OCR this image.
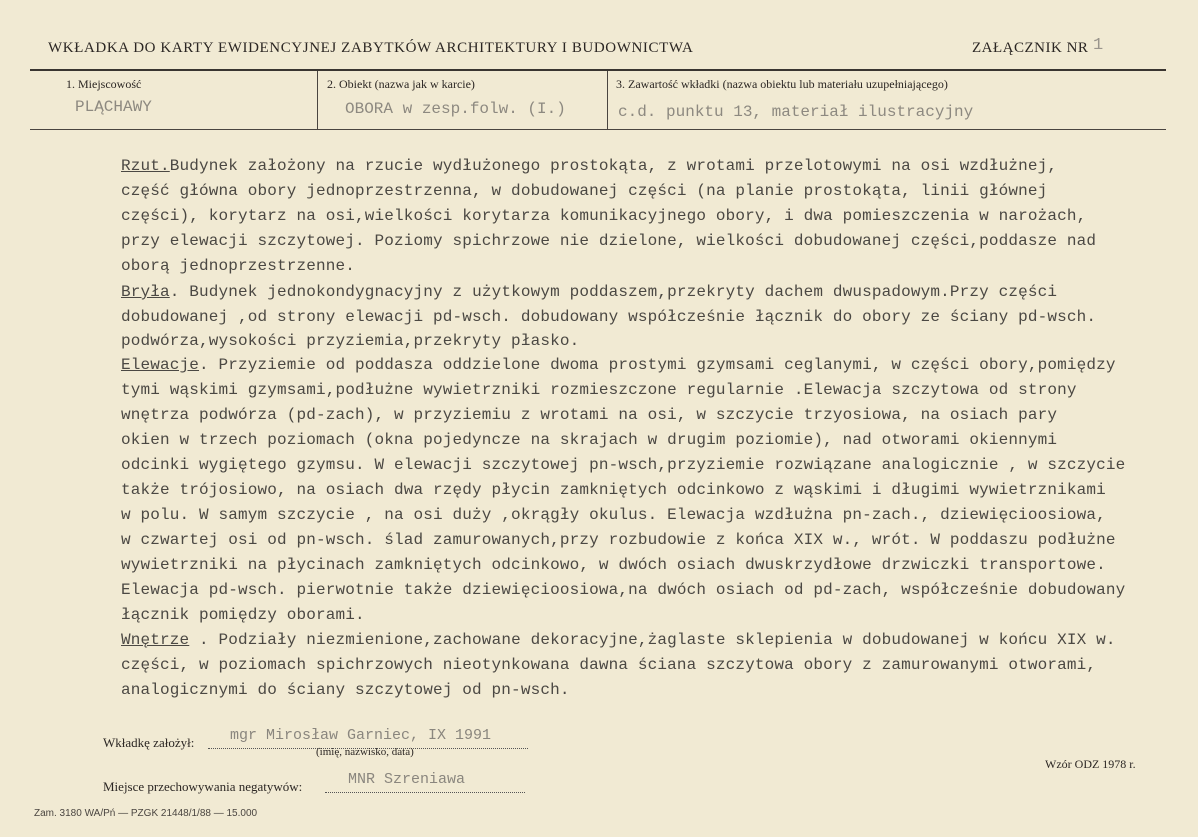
WKŁADKA DO KARTY EWIDENCYJNEJ ZABYTKÓW ARCHITEKTURY I BUDOWNICTWA	ZAŁĄCZNIK NR 1
1. Miejscowość
PLĄCHAWY
2. Obiekt (nazwa jak w karcie)
OBORA w zesp.folw. (I.)
3. Zawartość wkładki (nazwa obiektu lub materiału uzupełniającego)
c.d. punktu 13, materiał ilustracyjny
Rzut.Budynek założony na rzucie wydłużonego prostokąta, z wrotami przelotowymi na osi wzdłużnej,
część główna obory jednoprzestrzenna, w dobudowanej części (na planie prostokąta, linii głównej
części), korytarz na osi,wielkości korytarza komunikacyjnego obory, i dwa pomieszczenia w narożach,
przy elewacji szczytowej. Poziomy spichrzowe nie dzielone, wielkości dobudowanej części,poddasze nad
oborą jednoprzestrzenne.
Bryła. Budynek jednokondygnacyjny z użytkowym poddaszem,przekryty dachem dwuspadowym.Przy części
dobudowanej ,od strony elewacji pd-wsch. dobudowany współcześnie łącznik do obory ze ściany pd-wsch.
podwórza,wysokości przyziemia,przekryty płasko.
Elewacje. Przyziemie od poddasza oddzielone dwoma prostymi gzymsami ceglanymi, w części obory,pomiędzy
tymi wąskimi gzymsami,podłużne wywietrzniki rozmieszczone regularnie .Elewacja szczytowa od strony
wnętrza podwórza (pd-zach), w przyziemiu z wrotami na osi, w szczycie trzyosiowa, na osiach pary
okien w trzech poziomach (okna pojedyncze na skrajach w drugim poziomie), nad otworami okiennymi
odcinki wygiętego gzymsu. W elewacji szczytowej pn-wsch,przyziemie rozwiązane analogicznie , w szczycie
także trójosiowo, na osiach dwa rzędy płycin zamkniętych odcinkowo z wąskimi i długimi wywietrznikami
w polu. W samym szczycie , na osi duży ,okrągły okulus. Elewacja wzdłużna pn-zach., dziewięcioosiowa,
w czwartej osi od pn-wsch. ślad zamurowanych,przy rozbudowie z końca XIX w., wrót. W poddaszu podłużne
wywietrzniki na płycinach zamkniętych odcinkowo, w dwóch osiach dwuskrzydłowe drzwiczki transportowe.
Elewacja pd-wsch. pierwotnie także dziewięcioosiowa,na dwóch osiach od pd-zach, współcześnie dobudowany
łącznik pomiędzy oborami.
Wnętrze . Podziały niezmienione,zachowane dekoracyjne,żaglaste sklepienia w dobudowanej w końcu XIX w.
części, w poziomach spichrzowych nieotynkowana dawna ściana szczytowa obory z zamurowanymi otworami,
analogicznymi do ściany szczytowej od pn-wsch.
Wkładkę założył: mgr Mirosław Garniec, IX 1991
(imię, nazwisko, data)
Wzór ODZ 1978 r.
Miejsce przechowywania negatywów:	MNR Szreniawa
Zam. 3180 WA/Pń — PZGK 21448/1/88 — 15.000
